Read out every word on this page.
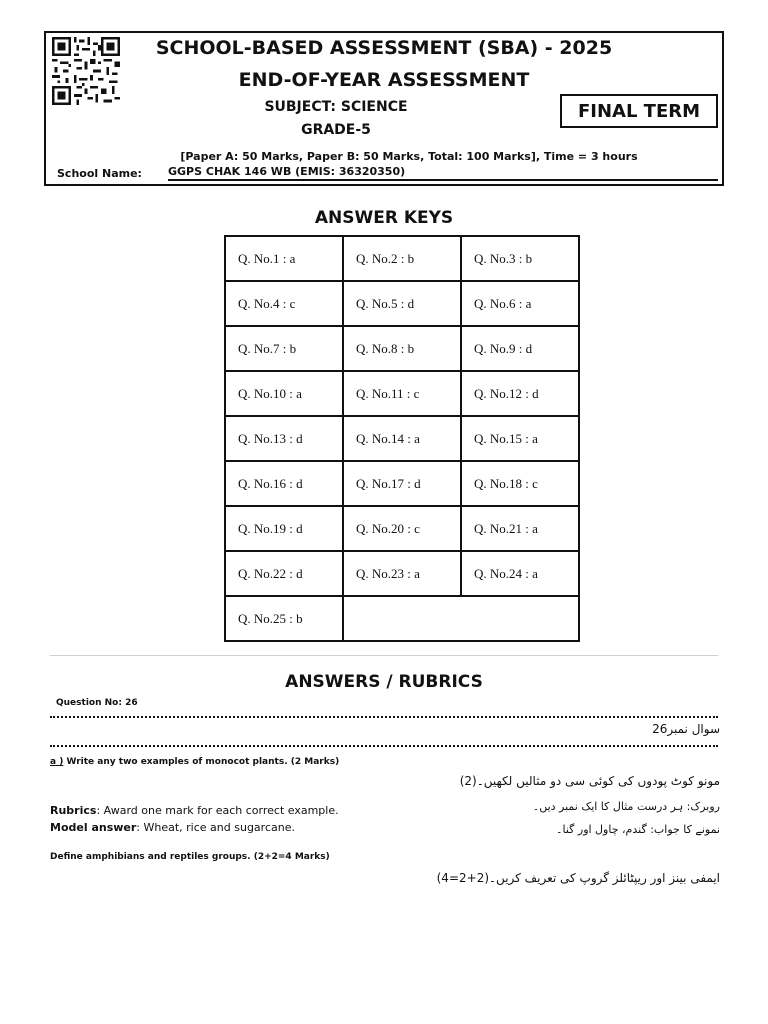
SCHOOL-BASED ASSESSMENT (SBA) - 2025
END-OF-YEAR ASSESSMENT
SUBJECT: SCIENCE
GRADE-5
FINAL TERM
[Paper A: 50 Marks, Paper B: 50 Marks, Total: 100 Marks], Time = 3 hours
School Name: GGPS CHAK 146 WB (EMIS: 36320350)
ANSWER KEYS
Q. No.1 : a	Q. No.2 : b	Q. No.3 : b
Q. No.4 : c	Q. No.5 : d	Q. No.6 : a
Q. No.7 : b	Q. No.8 : b	Q. No.9 : d
Q. No.10 : a	Q. No.11 : c	Q. No.12 : d
Q. No.13 : d	Q. No.14 : a	Q. No.15 : a
Q. No.16 : d	Q. No.17 : d	Q. No.18 : c
Q. No.19 : d	Q. No.20 : c	Q. No.21 : a
Q. No.22 : d	Q. No.23 : a	Q. No.24 : a
Q. No.25 : b		
ANSWERS / RUBRICS
Question No: 26
سوال نمبر26
a ) Write any two examples of monocot plants. (2 Marks)
مونو کوٹ پودوں کی کوئی سی دو مثالیں لکھیں۔(2)
Rubrics: Award one mark for each correct example.
Model answer: Wheat, rice and sugarcane.
روبرک: ہر درست مثال کا ایک نمبر دیں۔
نمونے کا جواب: گندم، چاول اور گنا۔
Define amphibians and reptiles groups. (2+2=4 Marks)
ایمفی بینز اور ریپٹائلز گروپ کی تعریف کریں۔(2+2=4)
